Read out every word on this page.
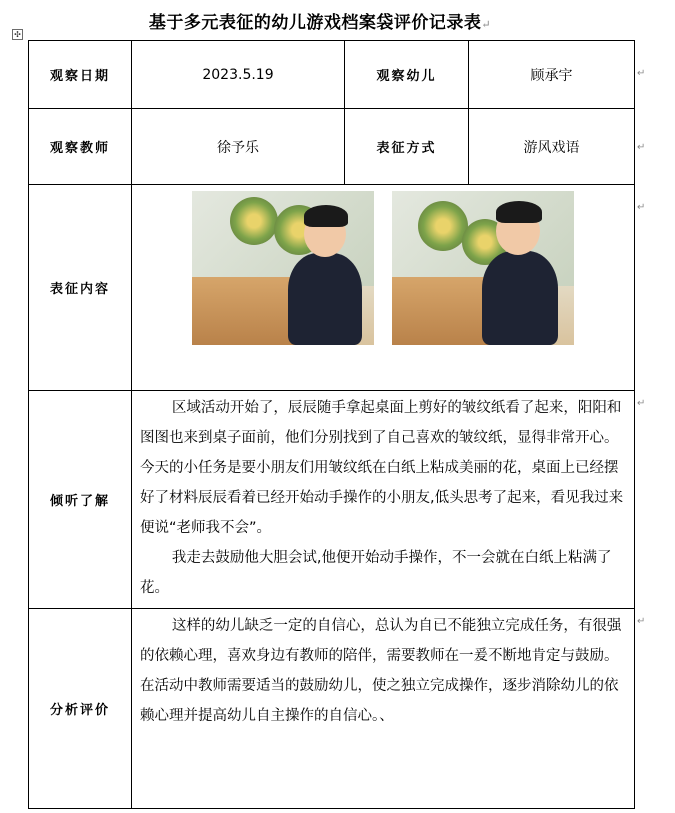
基于多元表征的幼儿游戏档案袋评价记录表↵
✣
观察日期	2023.5.19	观察幼儿	顾承宇
观察教师	徐予乐	表征方式	游风戏语
表征内容			

倾听了解	区域活动开始了，辰辰随手拿起桌面上剪好的皱纹纸看了起来，阳阳和图图也来到桌子面前，他们分别找到了自己喜欢的皱纹纸，显得非常开心。今天的小任务是要小朋友们用皱纹纸在白纸上粘成美丽的花，桌面上已经摆好了材料辰辰看着已经开始动手操作的小朋友,低头思考了起来，看见我过来便说“老师我不会”。

我走去鼓励他大胆会试,他便开始动手操作，不一会就在白纸上粘满了花。		

分析评价	这样的幼儿缺乏一定的自信心，总认为自已不能独立完成任务，有很强的依赖心理，喜欢身边有教师的陪伴，需要教师在一爰不断地肯定与鼓励。

在活动中教师需要适当的鼓励幼儿，使之独立完成操作，逐步消除幼儿的依赖心理并提高幼儿自主操作的自信心。、		

↵
↵
↵
↵
↵
